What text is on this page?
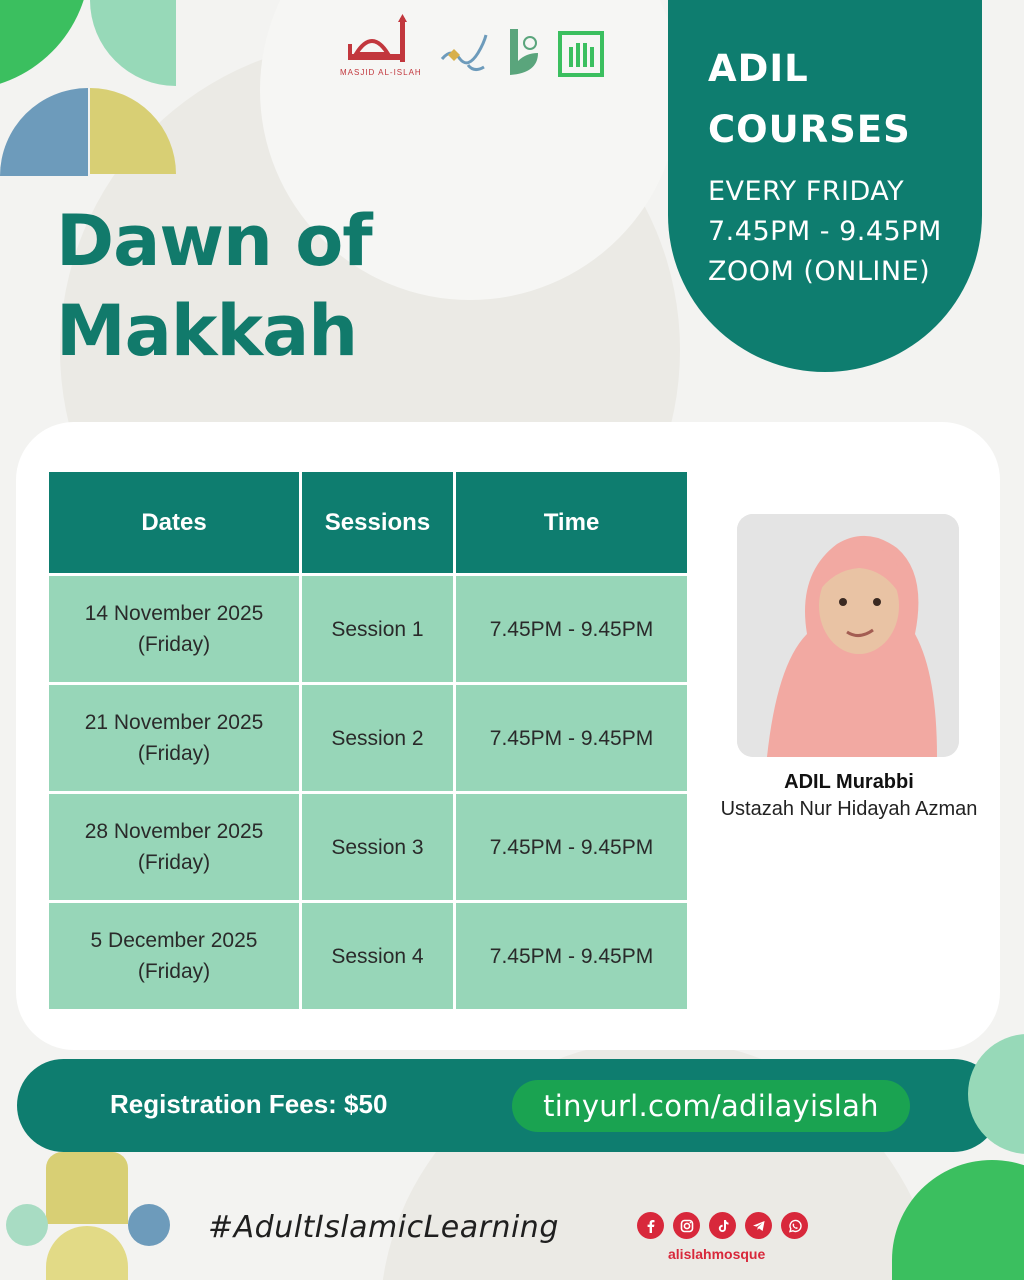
MASJID AL-ISLAH
Dawn of
Makkah
ADIL
COURSES
EVERY FRIDAY
7.45PM - 9.45PM
ZOOM (ONLINE)
Dates	Sessions	Time

14 November 2025
(Friday)	Session 1	7.45PM - 9.45PM

21 November 2025
(Friday)	Session 2	7.45PM - 9.45PM

28 November 2025
(Friday)	Session 3	7.45PM - 9.45PM

5 December 2025
(Friday)	Session 4	7.45PM - 9.45PM
ADIL Murabbi
Ustazah Nur Hidayah Azman
Registration Fees: $50	tinyurl.com/adilayislah
#AdultIslamicLearning
alislahmosque
